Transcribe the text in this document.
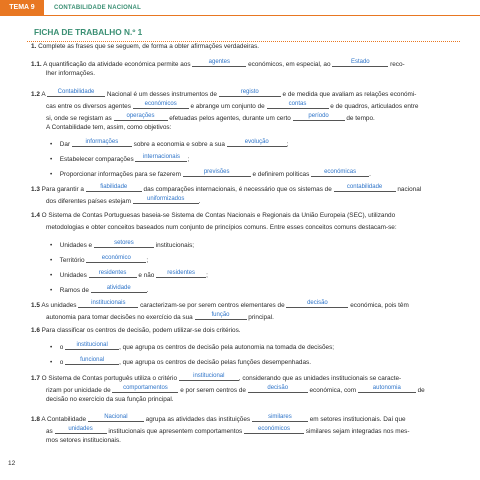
TEMA 9	CONTABILIDADE NACIONAL
FICHA DE TRABALHO N.º 1
1. Complete as frases que se seguem, de forma a obter afirmações verdadeiras.
1.1. A quantificação da atividade económica permite aos	agentes	económicos, em especial, ao	Estado	reco-
lher informações.
1.2 A	Contabilidade	Nacional é um desses instrumentos de	registo	e de medida que avaliam as relações económi-
cas entre os diversos agentes	económicos	e abrange um conjunto de	contas	e de quadros, articulados entre
si, onde se registam as	operações	efetuadas pelos agentes, durante um certo	período	de tempo.
A Contabilidade tem, assim, como objetivos:
• Dar	informações	sobre a economia e sobre a sua	evolução	;
• Estabelecer comparações	internacionais	;
• Proporcionar informações para se fazerem	previsões	e definirem políticas	económicas	.
1.3 Para garantir a	fiabilidade	das comparações internacionais, é necessário que os sistemas de	contabilidade	nacional
dos diferentes países estejam	uniformizados	.
1.4 O Sistema de Contas Portuguesas baseia-se Sistema de Contas Nacionais e Regionais da União Europeia (SEC), utilizando
metodologias e obter conceitos baseados num conjunto de princípios comuns. Entre esses conceitos comuns destacam-se:
• Unidades e	setores	institucionais;
• Território	económico	;
• Unidades	residentes	e não	residentes	;
• Ramos de	atividade	.
1.5 As unidades	institucionais	caracterizam-se por serem centros elementares de	decisão	económica, pois têm
autonomia para tomar decisões no exercício da sua	função	principal.
1.6 Para classificar os centros de decisão, podem utilizar-se dois critérios.
• o	institucional	, que agrupa os centros de decisão pela autonomia na tomada de decisões;
• o	funcional	, que agrupa os centros de decisão pelas funções desempenhadas.
1.7 O Sistema de Contas português utiliza o critério	institucional	, considerando que as unidades institucionais se caracte-
rizam por unicidade de	comportamentos	e por serem centros de	decisão	económica, com	autonomia	de
decisão no exercício da sua função principal.
1.8 A Contabilidade	Nacional	agrupa as atividades das instituições	similares	em setores institucionais. Daí que
as	unidades	institucionais que apresentem comportamentos	económicos	similares sejam integradas nos mes-
mos setores institucionais.
12
